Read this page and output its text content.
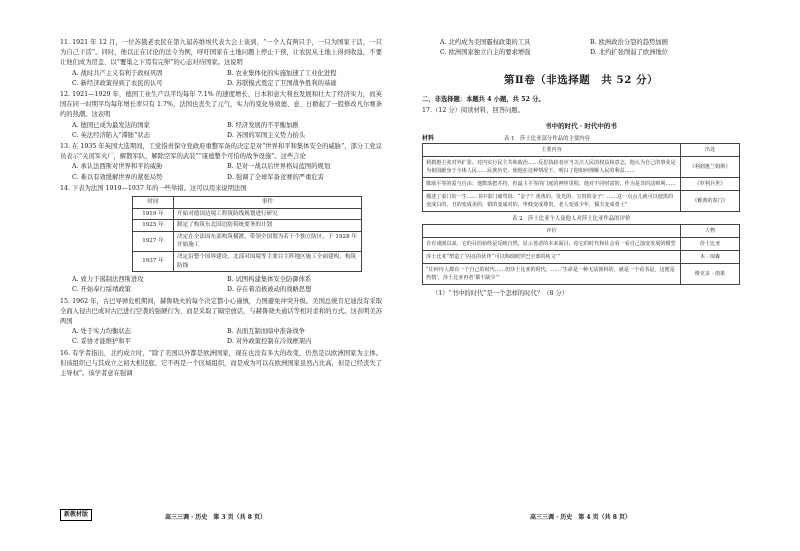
11. 1921 年 12 月，一位苏俄老农民在第九届苏维埃代表大会上谈到，“一个人有两只手，一只为国家干活，一只为自己干活”。同时，他以正在讨论的法令为例，呼吁国家在土地问题上停止干预，让农民从土地上得到收益，不要让他们成为房盖、以“覆巢之下焉有完卵”的心态对待国家。这说明

A. 战时共产主义有利于政权巩固	B. 农业集体化的实施加速了工业化进程
C. 新经济政策得到了农民的认可	D. 苏联模式奠定了卫国战争胜利的基础

12. 1921—1929 年，德国工业生产以平均每年 7.1% 的速度增长，日本和意大利也发展和壮大了经济实力，而英国在同一时期平均每年增长率只有 1.7%，法国也丧失了元气，实力的变化导致德、意、日掀起了一股修改凡尔赛条约的热潮。这表明

A. 德国已成为最发达的国家	B. 经济发展的不平衡加剧
C. 英法经济陷入“滞胀”状态	D. 各国的军国主义势力抬头

13. 在 1935 年英国大选期间，工党指责保守党政府重整军备的决定是对“世界和平和集体安全的威胁”，部分工党议员表示“关闭军火厂，解散军队，解除空军的武装”“康德整个可怕的战争设施”。这些言论

A. 承认法西斯对世界和平的威胁	B. 是对一战以后世界格局蓝图的规划
C. 难以有效缓解世界的紧张局势	D. 强调了全球军备竞赛的严重危害

14. 下表为法国 1919—1937 年的一些举措。这可以用来说明法国

时间	事件
1919 年	开始对德国边境工程筑防线规划进行研究
1925 年	制定了构筑东北国边防筑统要务的计划
1927 年	决定在全法国东部构筑横渡，带领全国划为若干个独立防区，于 1928 年开始施工
1937 年	决定沿整个国界建设，北部对国境等主要目主阵地区施工全面建构，构筑防线
A. 致力于遏制法西斯进攻	B. 试图构建集体安全防御体系
C. 开始奉行绥靖政策	D. 存在着消极被动的战略思想

15. 1962 年，古巴导弹危机期间，赫鲁晓夫的每个决定都小心谨慎，力图避免冲突升级。美国总统肯尼迪没有采取全面入侵古巴或对古巴进行空袭的强硬行为，而是采取了隔空放话，与赫鲁晓夫通话等相对柔和的方式。这表明美苏两国

A. 处于实力均衡状态	B. 表面互制而暗中准备战争
C. 妥协才能维护和平	D. 对外政策控制在冷战框架内

16. 有学者指出，北约成立时，“除了美国以外都是欧洲国家，现在也没有多大的改变，仍然是以欧洲国家为主体。但该组织已与其成立之初大相径庭，它不再是一个区域组织，而是成为可以在欧洲国家虽然占比高，但是已经丧失了主导权”。该学者意在强调

新教材版	高三三调 · 历史　第 3 页（共 8 页）
A. 北约成为美国霸权政策的工具	B. 欧洲政治分裂的趋势加剧
C. 欧洲国家独立自主的要求增强	D. 北约扩张削弱了欧洲地位
第Ⅱ卷（非选择题　共 52 分）

二、非选择题：本题共 4 小题，共 52 分。

17.（12 分）阅读材料，回答问题。

书中的时代 · 时代中的书
材料	表 1　莎士比亚部分作品的主要内容
主要内容	出处
利刹惠主张对外扩张、对内实行民主共和政治……反思执政者应当关注人民的权益和意志，他认为自己的事业是为祖国献身于全体人民……民族历史、使他在这种情况下，明白了他如何理解人民的利益……	《利刹惠兰姆斯》
歌颂平等的爱与自由；他数落把并持，但最主平等的门庭的神怪里程，他对不同财富的，作为是非的法则利……	《罗利兵世》
描述了泰门的一生……书中泰门痛骂说：“金子？黄黄的、发光的、宝贵的金子！……这一点点儿就可以使黑的变成白的，丑的变成美的，错的变成对的，卑贱变成尊贵，老人变成少年，懦夫变成勇士”	《雅典的泰门》
表 2　莎士比亚个人及他人对莎士比亚作品的评价
评价	人物
自有戏剧以来，它的目的始终是反映自然，显示善恶的本来面目，给它的时代和社会看一看自己演变发展的模型	莎士比亚
莎士比亚“塑造了‘闪亮的伙伴’‘可以称颂欧罗巴全部的纯文’”	本 · 琼森
“往何诗人都有一个自己的时代……但莎士比亚的时代，……‘生命是一种无法预料的，就是一个看书是，这便是热情’，莎士比亚再者‘都不缺少’”	维克多 · 雨果

（1）“书中的时代”是一个怎样的时代？（8 分）

高三三调 · 历史　第 4 页（共 8 页）
